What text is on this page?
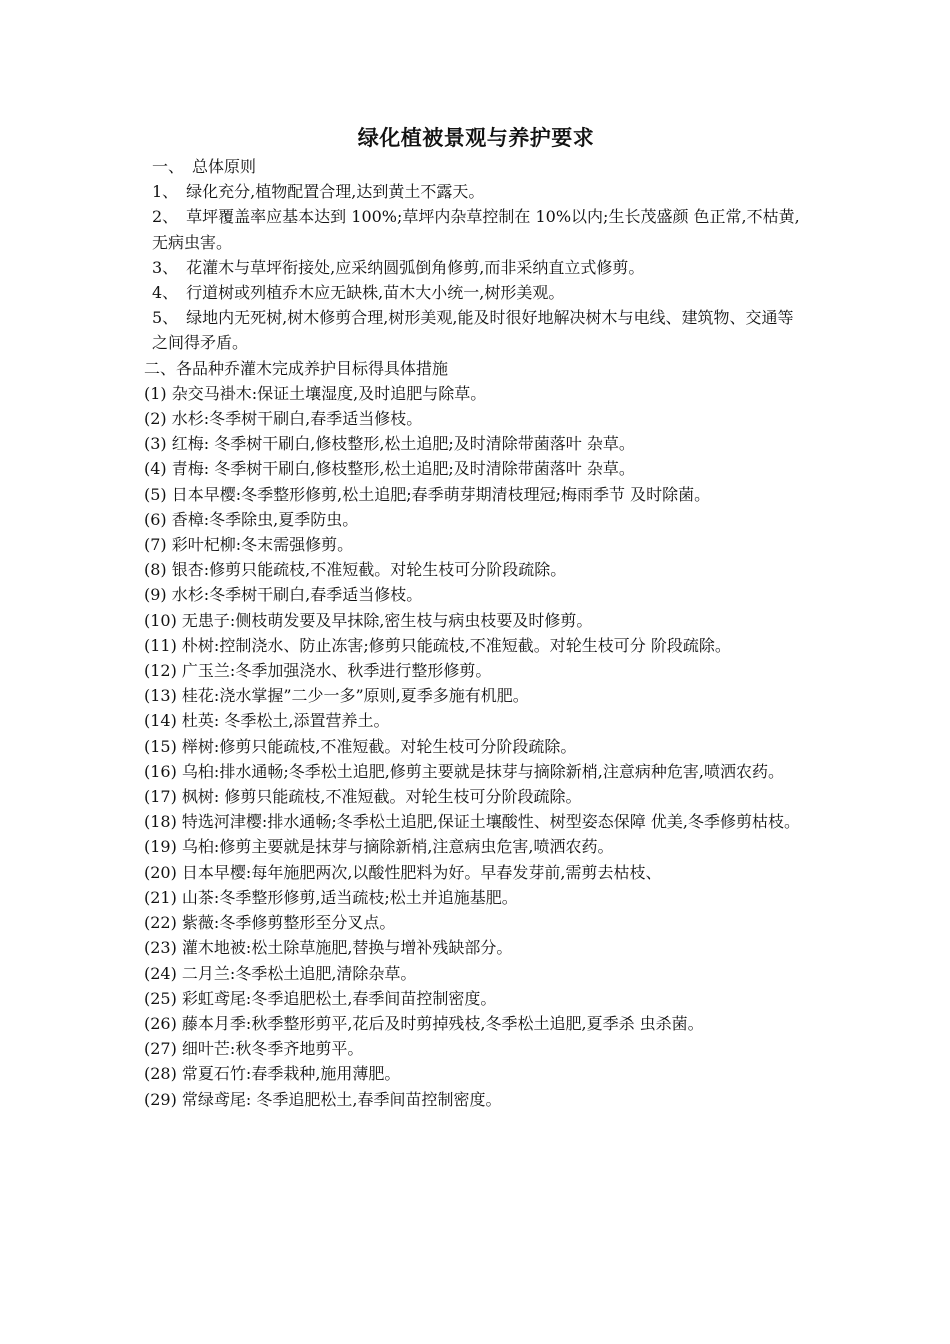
绿化植被景观与养护要求

一、　总体原则

1、　绿化充分,植物配置合理,达到黄土不露天。

2、　草坪覆盖率应基本达到 100%;草坪内杂草控制在 10%以内;生长茂盛颜 色正常,不枯黄,无病虫害。

3、　花灌木与草坪衔接处,应采纳圆弧倒角修剪,而非采纳直立式修剪。

4、　行道树或列植乔木应无缺株,苗木大小统一,树形美观。

5、　绿地内无死树,树木修剪合理,树形美观,能及时很好地解决树木与电线、建筑物、交通等之间得矛盾。

二、各品种乔灌木完成养护目标得具体措施

(1) 杂交马褂木:保证土壤湿度,及时追肥与除草。

(2) 水杉:冬季树干刷白,春季适当修枝。

(3) 红梅: 冬季树干刷白,修枝整形,松土追肥;及时清除带菌落叶 杂草。

(4) 青梅: 冬季树干刷白,修枝整形,松土追肥;及时清除带菌落叶 杂草。

(5) 日本早樱:冬季整形修剪,松土追肥;春季萌芽期清枝理冠;梅雨季节 及时除菌。

(6) 香樟:冬季除虫,夏季防虫。

(7) 彩叶杞柳:冬末需强修剪。

(8) 银杏:修剪只能疏枝,不准短截。对轮生枝可分阶段疏除。

(9) 水杉:冬季树干刷白,春季适当修枝。

(10) 无患子:侧枝萌发要及早抹除,密生枝与病虫枝要及时修剪。

(11) 朴树:控制浇水、防止冻害;修剪只能疏枝,不准短截。对轮生枝可分 阶段疏除。

(12) 广玉兰:冬季加强浇水、秋季进行整形修剪。

(13) 桂花:浇水掌握”二少一多”原则,夏季多施有机肥。

(14) 杜英: 冬季松土,添置营养土。

(15) 榉树:修剪只能疏枝,不准短截。对轮生枝可分阶段疏除。

(16) 乌桕:排水通畅;冬季松土追肥,修剪主要就是抹芽与摘除新梢,注意病种危害,喷洒农药。

(17) 枫树: 修剪只能疏枝,不准短截。对轮生枝可分阶段疏除。

(18) 特选河津樱:排水通畅;冬季松土追肥,保证土壤酸性、树型姿态保障 优美,冬季修剪枯枝。

(19) 乌桕:修剪主要就是抹芽与摘除新梢,注意病虫危害,喷洒农药。

(20) 日本早樱:每年施肥两次,以酸性肥料为好。早春发芽前,需剪去枯枝、

(21) 山茶:冬季整形修剪,适当疏枝;松土并追施基肥。

(22) 紫薇:冬季修剪整形至分叉点。

(23) 灌木地被:松土除草施肥,替换与增补残缺部分。

(24) 二月兰:冬季松土追肥,清除杂草。

(25) 彩虹鸢尾:冬季追肥松土,春季间苗控制密度。

(26) 藤本月季:秋季整形剪平,花后及时剪掉残枝,冬季松土追肥,夏季杀 虫杀菌。

(27) 细叶芒:秋冬季齐地剪平。

(28) 常夏石竹:春季栽种,施用薄肥。

(29) 常绿鸢尾: 冬季追肥松土,春季间苗控制密度。
